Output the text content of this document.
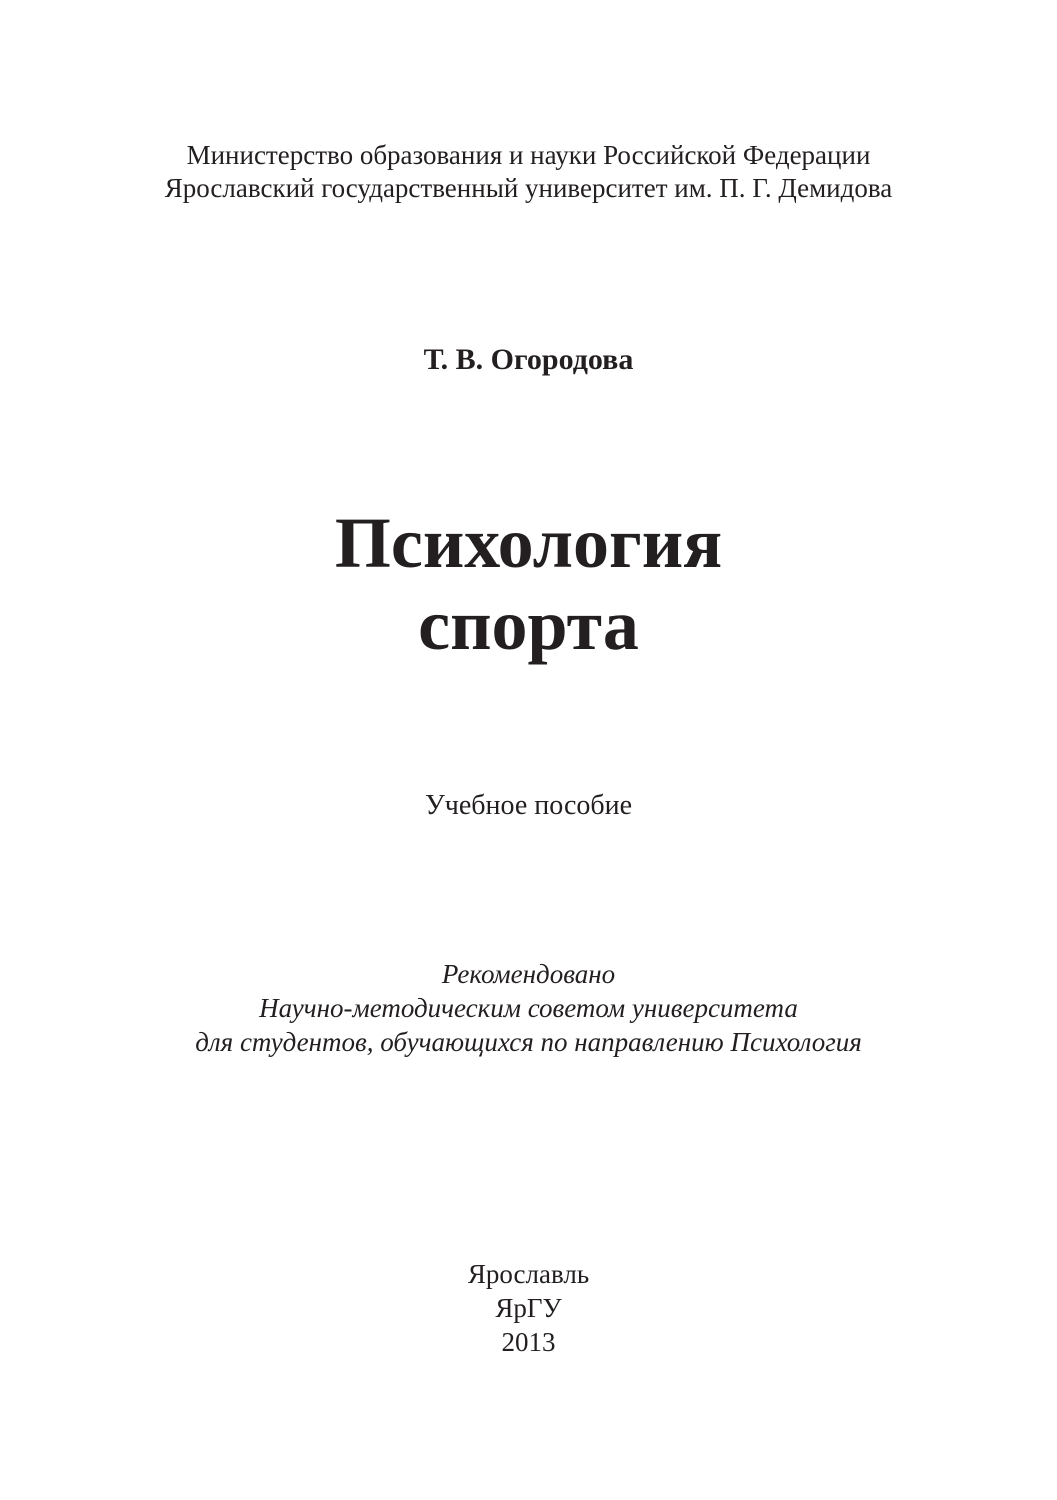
Министерство образования и науки Российской Федерации
Ярославский государственный университет им. П. Г. Демидова
Т. В. Огородова
Психология
спорта
Учебное пособие
Рекомендовано
Научно-методическим советом университета
для студентов, обучающихся по направлению Психология
Ярославль
ЯрГУ
2013
